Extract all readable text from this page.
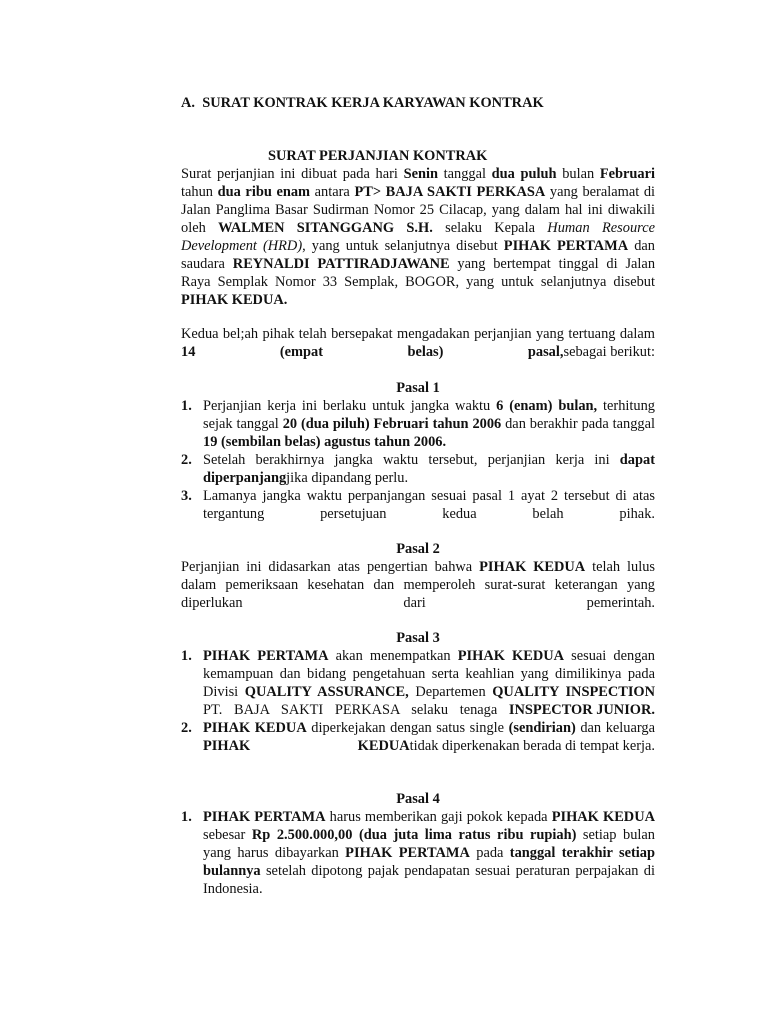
A. SURAT KONTRAK KERJA KARYAWAN KONTRAK
SURAT PERJANJIAN KONTRAK
Surat perjanjian ini dibuat pada hari Senin tanggal dua puluh bulan Februari tahun dua ribu enam antara PT> BAJA SAKTI PERKASA yang beralamat di Jalan Panglima Basar Sudirman Nomor 25 Cilacap, yang dalam hal ini diwakili oleh WALMEN SITANGGANG S.H. selaku Kepala Human Resource Development (HRD), yang untuk selanjutnya disebut PIHAK PERTAMA dan saudara REYNALDI PATTIRADJAWANE yang bertempat tinggal di Jalan Raya Semplak Nomor 33 Semplak, BOGOR, yang untuk selanjutnya disebut PIHAK KEDUA.
Kedua bel;ah pihak telah bersepakat mengadakan perjanjian yang tertuang dalam 14 (empat belas) pasal,sebagai berikut:
Pasal 1
1. Perjanjian kerja ini berlaku untuk jangka waktu 6 (enam) bulan, terhitung sejak tanggal 20 (dua piluh) Februari tahun 2006 dan berakhir pada tanggal 19 (sembilan belas) agustus tahun 2006.
2. Setelah berakhirnya jangka waktu tersebut, perjanjian kerja ini dapat diperpanjangjika dipandang perlu.
3. Lamanya jangka waktu perpanjangan sesuai pasal 1 ayat 2 tersebut di atas tergantung persetujuan kedua belah pihak.
Pasal 2
Perjanjian ini didasarkan atas pengertian bahwa PIHAK KEDUA telah lulus dalam pemeriksaan kesehatan dan memperoleh surat-surat keterangan yang diperlukan dari pemerintah.
Pasal 3
1. PIHAK PERTAMA akan menempatkan PIHAK KEDUA sesuai dengan kemampuan dan bidang pengetahuan serta keahlian yang dimilikinya pada Divisi QUALITY ASSURANCE, Departemen QUALITY INSPECTION PT. BAJA SAKTI PERKASA selaku tenaga INSPECTOR JUNIOR.
2. PIHAK KEDUA diperkejakan dengan satus single (sendirian) dan keluarga PIHAK KEDUAtidak diperkenakan berada di tempat kerja.
Pasal 4
1. PIHAK PERTAMA harus memberikan gaji pokok kepada PIHAK KEDUA sebesar Rp 2.500.000,00 (dua juta lima ratus ribu rupiah) setiap bulan yang harus dibayarkan PIHAK PERTAMA pada tanggal terakhir setiap bulannya setelah dipotong pajak pendapatan sesuai peraturan perpajakan di Indonesia.
